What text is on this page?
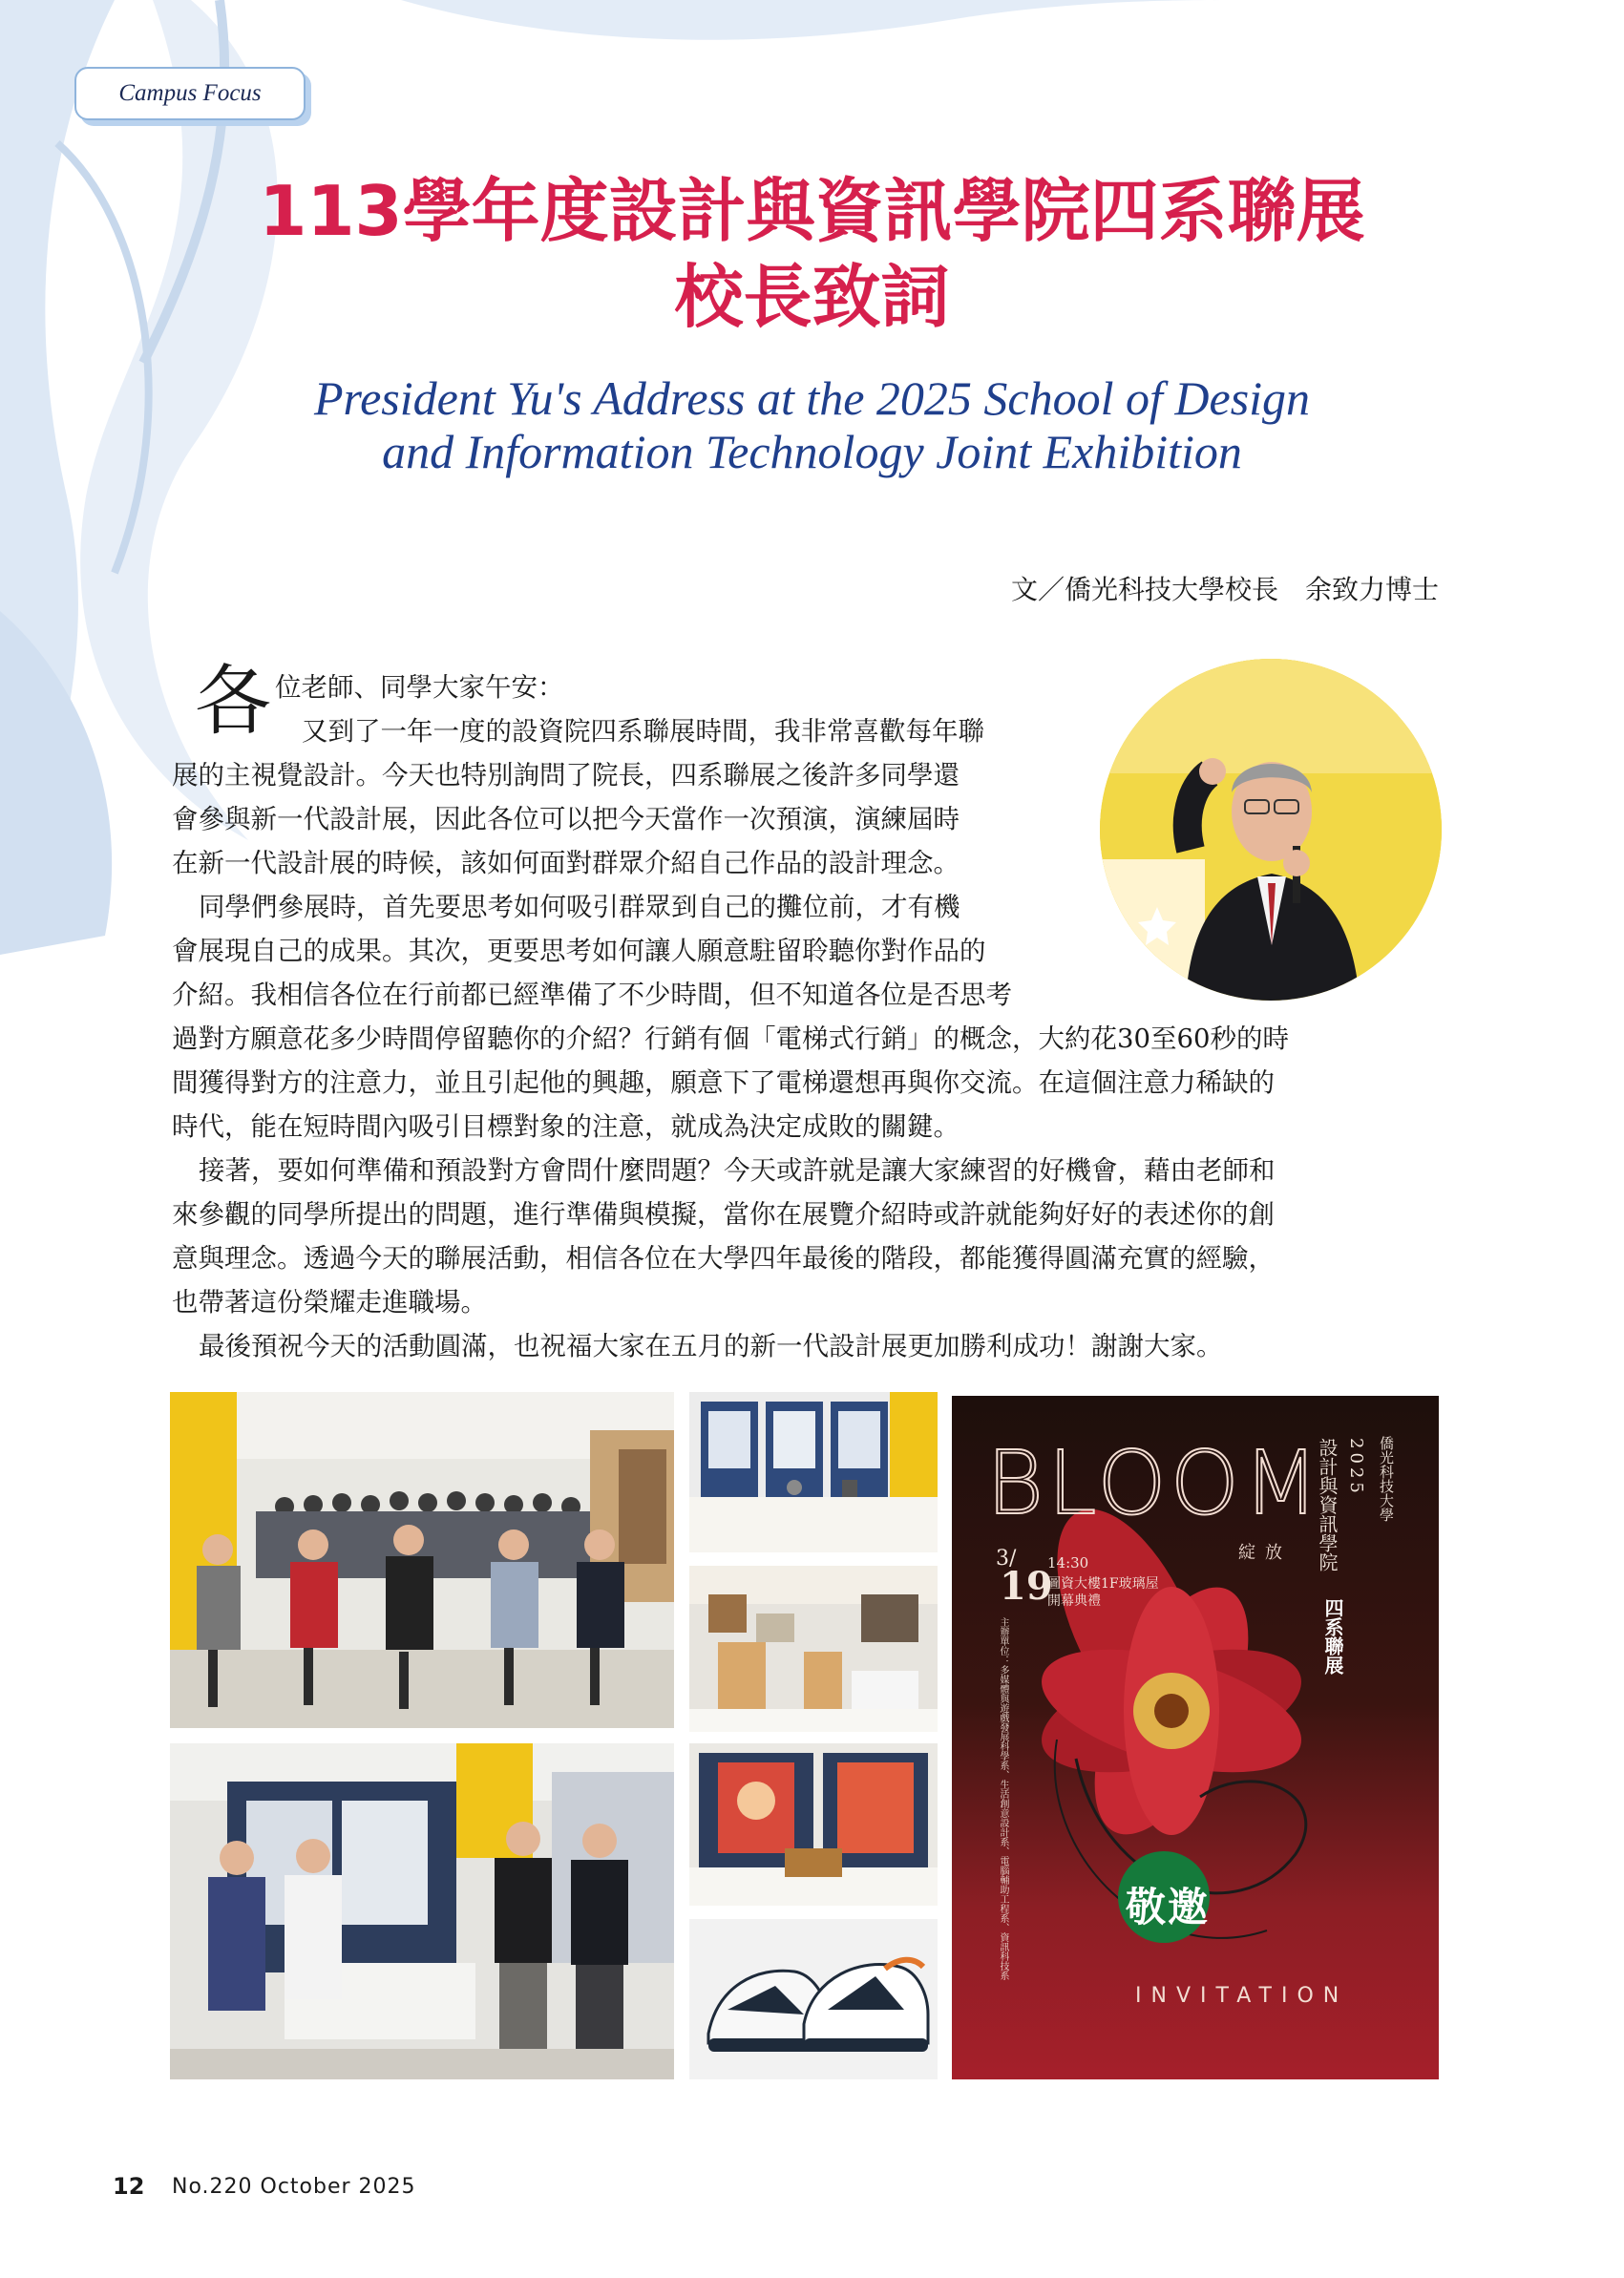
Campus Focus
113學年度設計與資訊學院四系聯展
校長致詞
President Yu's Address at the 2025 School of Design
and Information Technology Joint Exhibition
文／僑光科技大學校長　余致力博士
各 位老師、同學大家午安：
又到了一年一度的設資院四系聯展時間，我非常喜歡每年聯
展的主視覺設計。今天也特別詢問了院長，四系聯展之後許多同學還
會參與新一代設計展，因此各位可以把今天當作一次預演，演練屆時
在新一代設計展的時候，該如何面對群眾介紹自己作品的設計理念。
同學們參展時，首先要思考如何吸引群眾到自己的攤位前，才有機
會展現自己的成果。其次，更要思考如何讓人願意駐留聆聽你對作品的
介紹。我相信各位在行前都已經準備了不少時間，但不知道各位是否思考
過對方願意花多少時間停留聽你的介紹？行銷有個「電梯式行銷」的概念，大約花30至60秒的時
間獲得對方的注意力，並且引起他的興趣，願意下了電梯還想再與你交流。在這個注意力稀缺的
時代，能在短時間內吸引目標對象的注意，就成為決定成敗的關鍵。
接著，要如何準備和預設對方會問什麼問題？今天或許就是讓大家練習的好機會，藉由老師和
來參觀的同學所提出的問題，進行準備與模擬，當你在展覽介紹時或許就能夠好好的表述你的創
意與理念。透過今天的聯展活動，相信各位在大學四年最後的階段，都能獲得圓滿充實的經驗，
也帶著這份榮耀走進職場。
最後預祝今天的活動圓滿，也祝福大家在五月的新一代設計展更加勝利成功！謝謝大家。
BLOOM
綻放
3/
19
14:30
圖資大樓1F玻璃屋
開幕典禮
僑光科技大學
2025
設計與資訊學院
四系聯展
主辦單位：多媒體與遊戲發展科學系、生活創意設計系、電腦輔助工程系、資訊科技系	敬邀
INVITATION
12 No.220 October 2025
